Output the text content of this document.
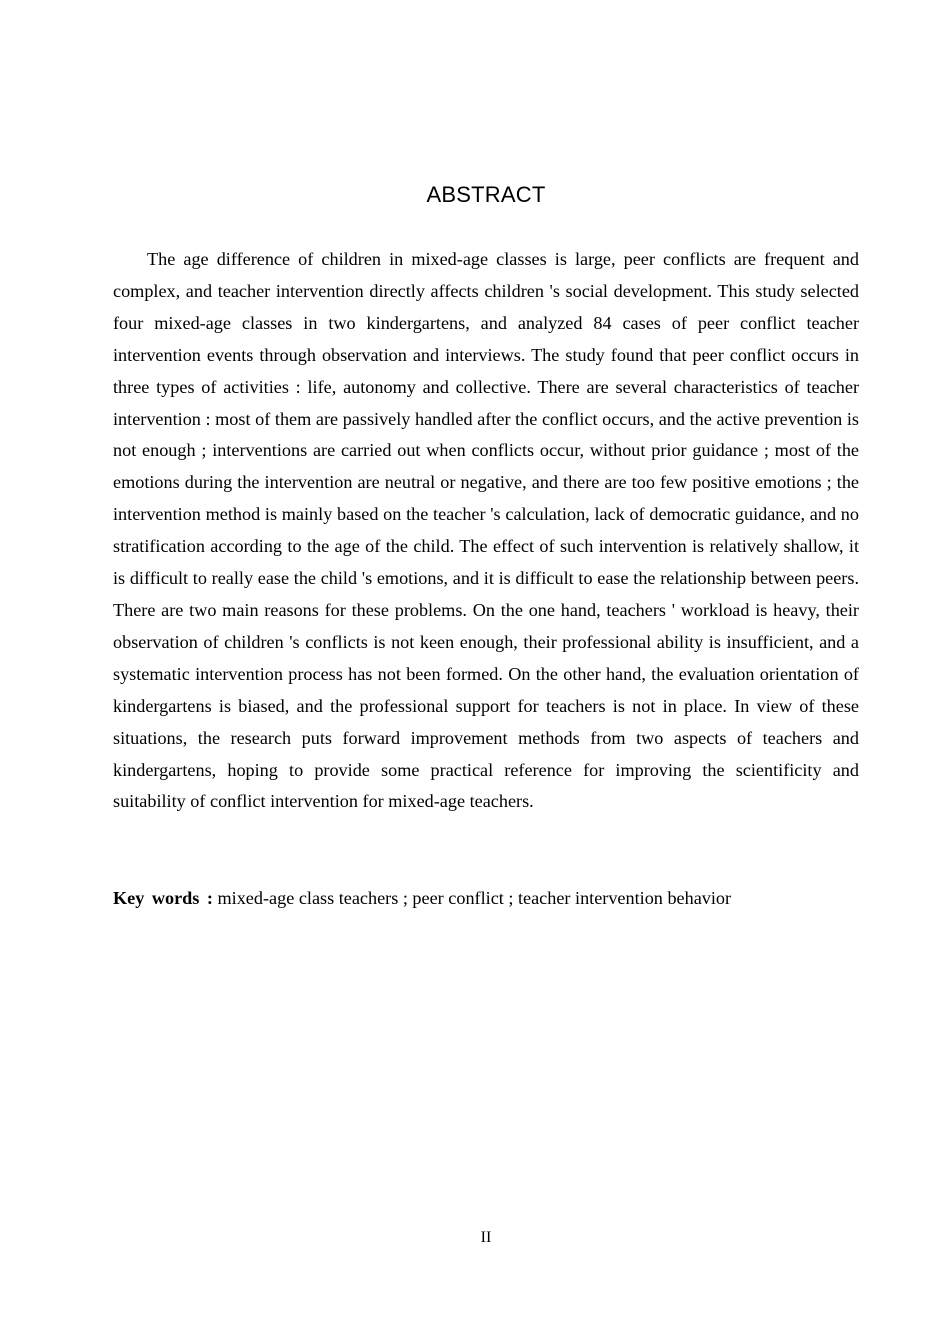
ABSTRACT

The age difference of children in mixed-age classes is large, peer conflicts are frequent and complex, and teacher intervention directly affects children 's social development. This study selected four mixed-age classes in two kindergartens, and analyzed 84 cases of peer conflict teacher intervention events through observation and interviews. The study found that peer conflict occurs in three types of activities : life, autonomy and collective. There are several characteristics of teacher intervention : most of them are passively handled after the conflict occurs, and the active prevention is not enough ; interventions are carried out when conflicts occur, without prior guidance ; most of the emotions during the intervention are neutral or negative, and there are too few positive emotions ; the intervention method is mainly based on the teacher 's calculation, lack of democratic guidance, and no stratification according to the age of the child. The effect of such intervention is relatively shallow, it is difficult to really ease the child 's emotions, and it is difficult to ease the relationship between peers. There are two main reasons for these problems. On the one hand, teachers ' workload is heavy, their observation of children 's conflicts is not keen enough, their professional ability is insufficient, and a systematic intervention process has not been formed. On the other hand, the evaluation orientation of kindergartens is biased, and the professional support for teachers is not in place. In view of these situations, the research puts forward improvement methods from two aspects of teachers and kindergartens, hoping to provide some practical reference for improving the scientificity and suitability of conflict intervention for mixed-age teachers.

Key words : mixed-age class teachers ; peer conflict ; teacher intervention behavior

II
